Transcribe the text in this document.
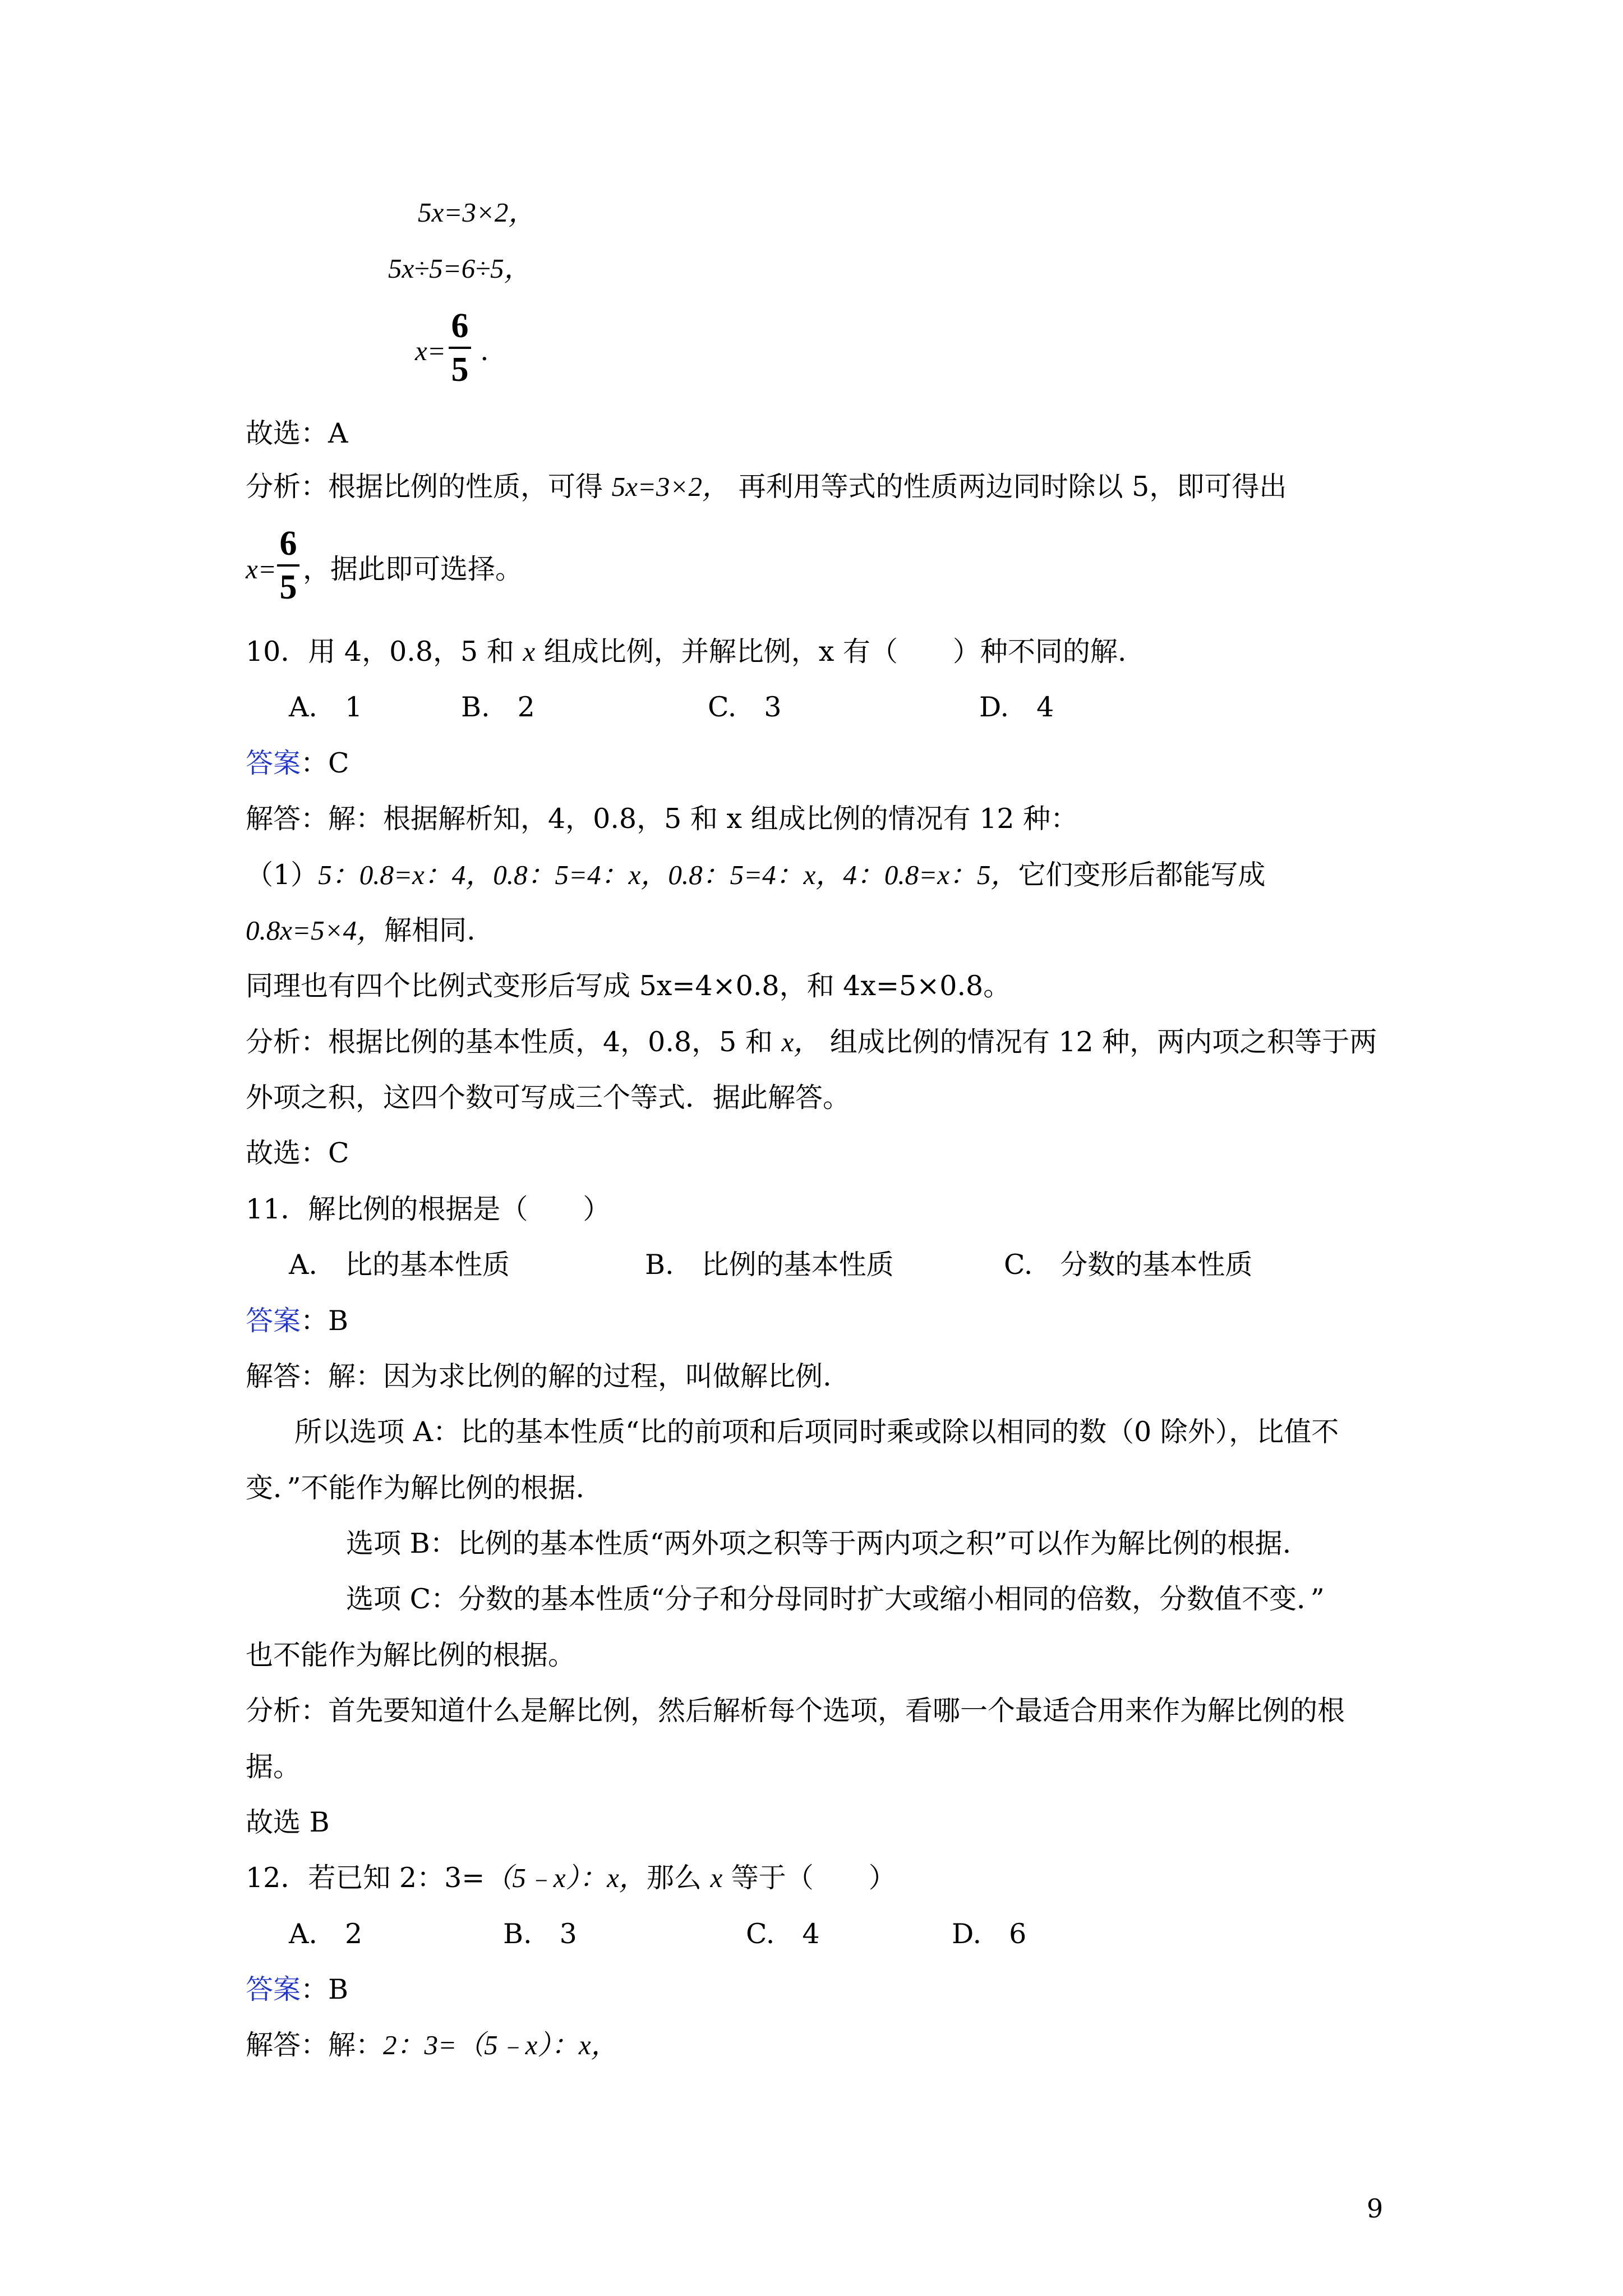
5x=3×2，
5x÷5=6÷5，
x=
6
5 .
故选：A
分析：根据比例的性质，可得 5x=3×2， 再利用等式的性质两边同时除以 5，即可得出
x=
6
5 ，据此即可选择。
10．用 4，0.8，5 和 x 组成比例，并解比例，x 有（　　）种不同的解.
A.　1	B.　2	C.　3	D.　4
答案：C
解答：解：根据解析知，4，0.8，5 和 x 组成比例的情况有 12 种：
（1）5：0.8=x：4，0.8：5=4：x，0.8：5=4：x，4：0.8=x：5，它们变形后都能写成
0.8x=5×4，解相同.
同理也有四个比例式变形后写成 5x=4×0.8，和 4x=5×0.8。
分析：根据比例的基本性质，4，0.8，5 和 x， 组成比例的情况有 12 种，两内项之积等于两
外项之积，这四个数可写成三个等式．据此解答。
故选：C
11．解比例的根据是（　　）
A.　比的基本性质	B.　比例的基本性质	C.　分数的基本性质
答案：B
解答：解：因为求比例的解的过程，叫做解比例.
所以选项 A：比的基本性质“比的前项和后项同时乘或除以相同的数（0 除外），比值不
变．”不能作为解比例的根据.
选项 B：比例的基本性质“两外项之积等于两内项之积”可以作为解比例的根据.
选项 C：分数的基本性质“分子和分母同时扩大或缩小相同的倍数，分数值不变．”
也不能作为解比例的根据。
分析：首先要知道什么是解比例，然后解析每个选项，看哪一个最适合用来作为解比例的根
据。
故选 B
12．若已知 2：3=（5﹣x）：x，那么 x 等于（　　）
A.　2	B.　3	C.　4	D.　6
答案：B
解答：解：2：3=（5﹣x）：x，
9
